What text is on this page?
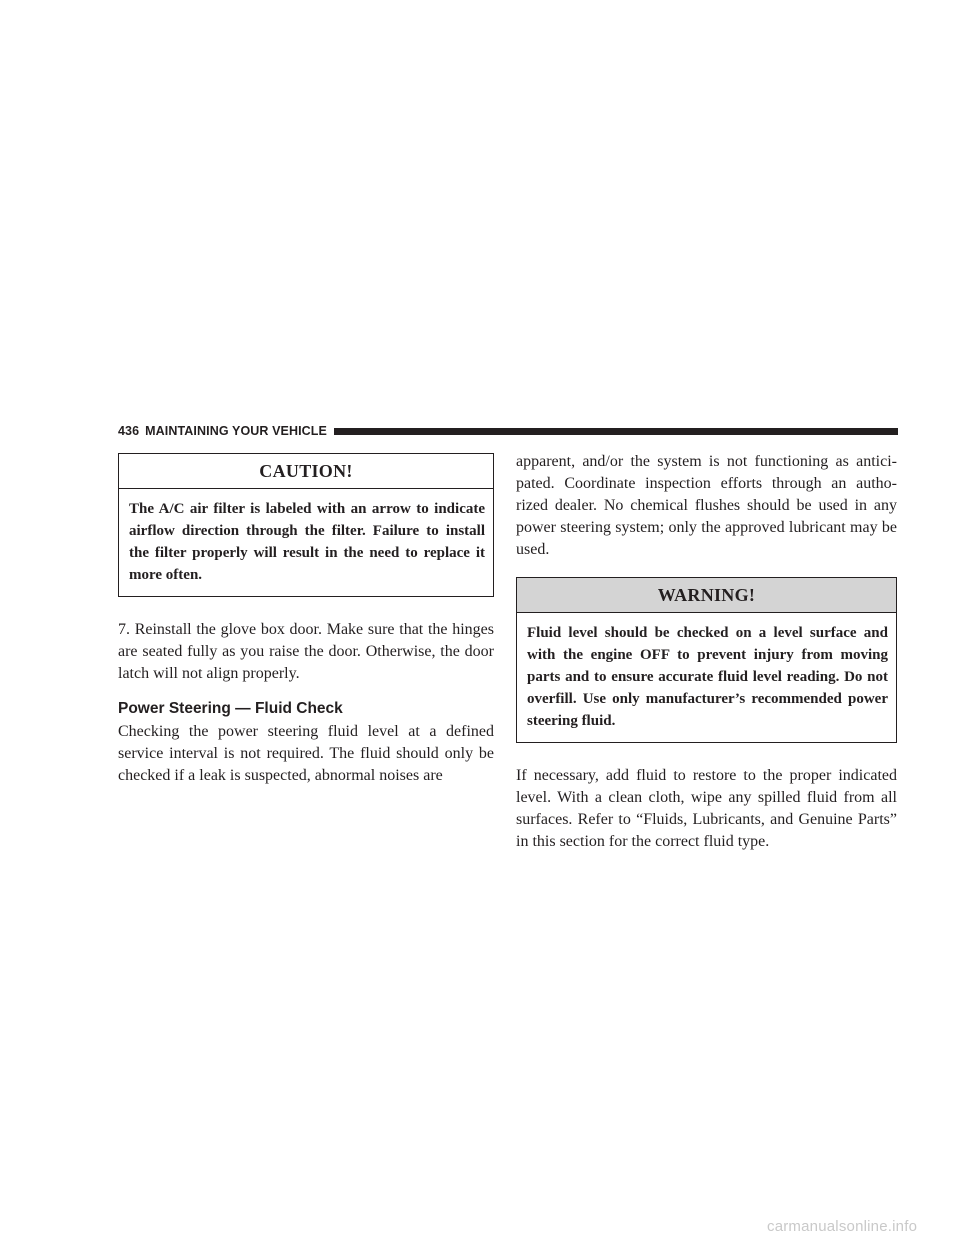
436 MAINTAINING YOUR VEHICLE
CAUTION!
The A/C air filter is labeled with an arrow to indicate airflow direction through the filter. Failure to install the filter properly will result in the need to replace it more often.

7. Reinstall the glove box door. Make sure that the hinges are seated fully as you raise the door. Otherwise, the door latch will not align properly.

Power Steering — Fluid Check

Checking the power steering fluid level at a defined service interval is not required. The fluid should only be checked if a leak is suspected, abnormal noises are

apparent, and/or the system is not functioning as antici- pated. Coordinate inspection efforts through an autho- rized dealer. No chemical flushes should be used in any power steering system; only the approved lubricant may be used.

WARNING!
Fluid level should be checked on a level surface and with the engine OFF to prevent injury from moving parts and to ensure accurate fluid level reading. Do not overfill. Use only manufacturer’s recommended power steering fluid.

If necessary, add fluid to restore to the proper indicated level. With a clean cloth, wipe any spilled fluid from all surfaces. Refer to “Fluids, Lubricants, and Genuine Parts” in this section for the correct fluid type.

carmanualsonline.info
